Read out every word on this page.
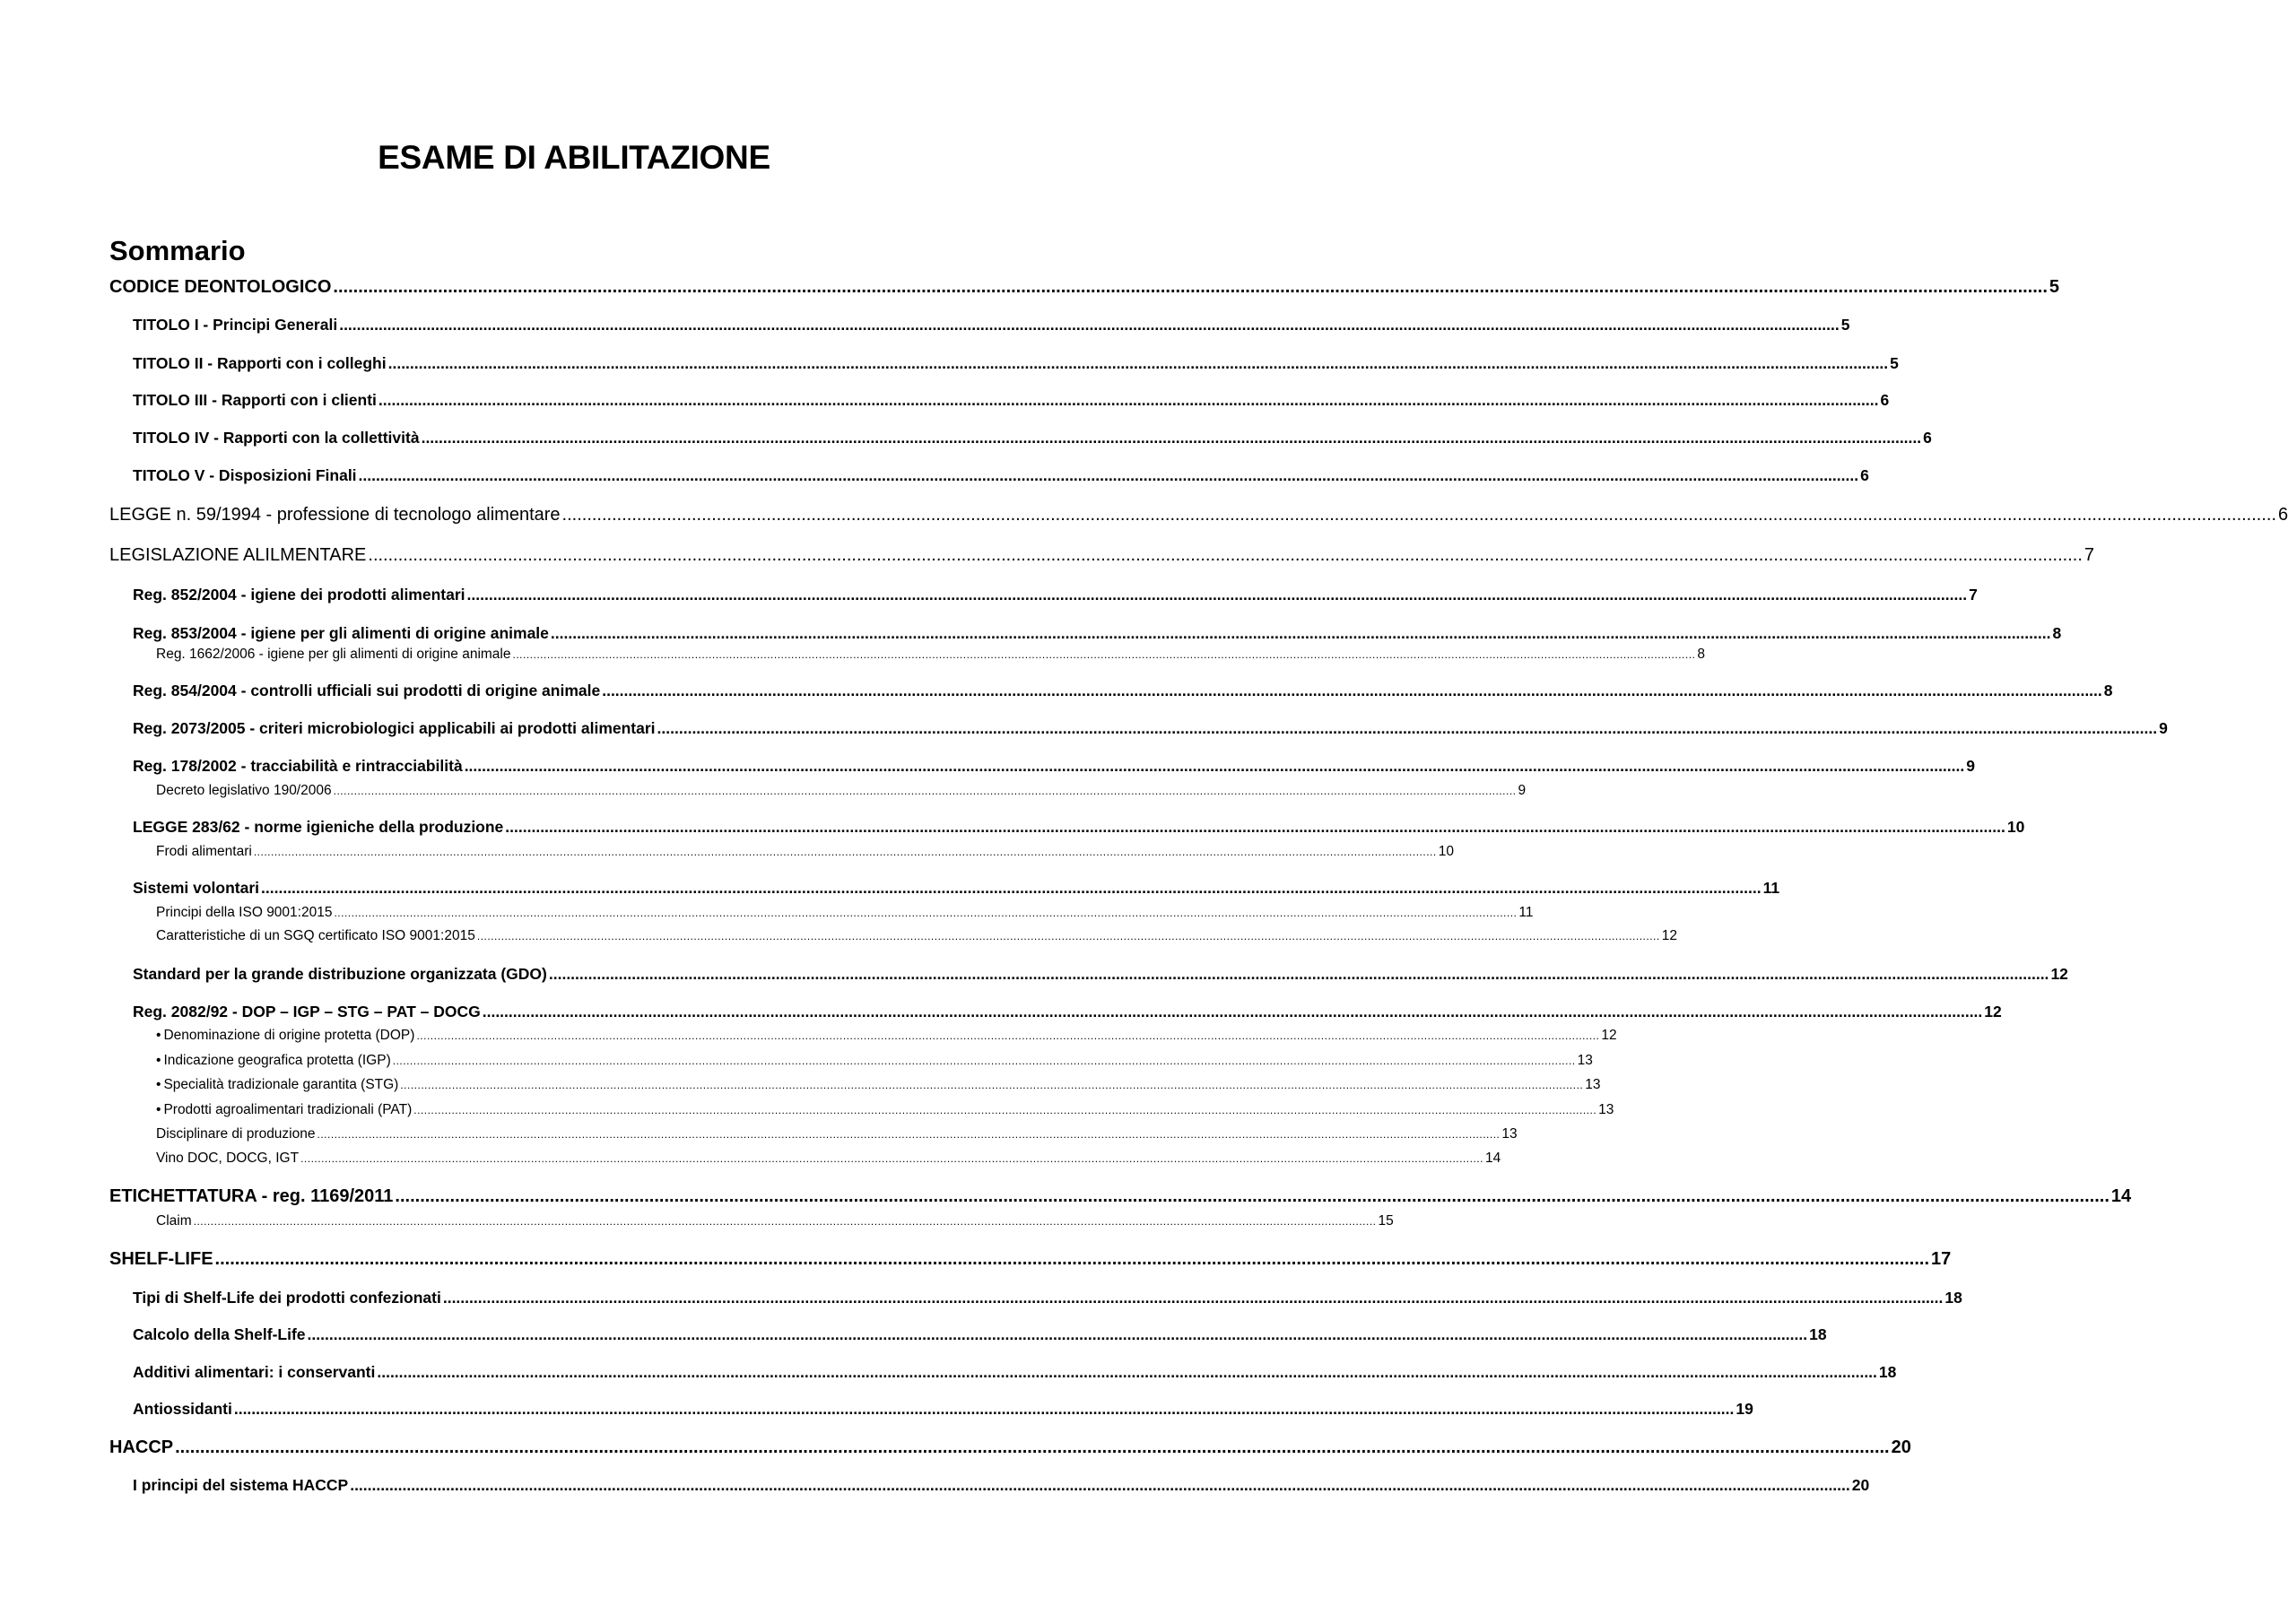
ESAME DI ABILITAZIONE
Sommario
CODICE DEONTOLOGICO ........................................................................................................................................................................................................................................................................................................................................................ 5
TITOLO I - Principi Generali ........................................................................................................................................................................................................................................................................................................................................................ 5
TITOLO II - Rapporti con i colleghi ........................................................................................................................................................................................................................................................................................................................................................ 5
TITOLO III - Rapporti con i clienti ........................................................................................................................................................................................................................................................................................................................................................ 6
TITOLO IV - Rapporti con la collettività ........................................................................................................................................................................................................................................................................................................................................................ 6
TITOLO V - Disposizioni Finali ........................................................................................................................................................................................................................................................................................................................................................ 6
LEGGE n. 59/1994 - professione di tecnologo alimentare ........................................................................................................................................................................................................................................................................................................................................................ 6
LEGISLAZIONE ALILMENTARE ........................................................................................................................................................................................................................................................................................................................................................ 7
Reg. 852/2004 - igiene dei prodotti alimentari ........................................................................................................................................................................................................................................................................................................................................................ 7
Reg. 853/2004 - igiene per gli alimenti di origine animale ........................................................................................................................................................................................................................................................................................................................................................ 8
Reg. 1662/2006 - igiene per gli alimenti di origine animale ........................................................................................................................................................................................................................................................................................................................................................ 8
Reg. 854/2004 - controlli ufficiali sui prodotti di origine animale ........................................................................................................................................................................................................................................................................................................................................................ 8
Reg. 2073/2005 - criteri microbiologici applicabili ai prodotti alimentari ........................................................................................................................................................................................................................................................................................................................................................ 9
Reg. 178/2002 - tracciabilità e rintracciabilità ........................................................................................................................................................................................................................................................................................................................................................ 9
Decreto legislativo 190/2006 ........................................................................................................................................................................................................................................................................................................................................................ 9
LEGGE 283/62 - norme igieniche della produzione ........................................................................................................................................................................................................................................................................................................................................................ 10
Frodi alimentari ........................................................................................................................................................................................................................................................................................................................................................ 10
Sistemi volontari ........................................................................................................................................................................................................................................................................................................................................................ 11
Principi della ISO 9001:2015 ........................................................................................................................................................................................................................................................................................................................................................ 11
Caratteristiche di un SGQ certificato ISO 9001:2015 ........................................................................................................................................................................................................................................................................................................................................................ 12
Standard per la grande distribuzione organizzata (GDO) ........................................................................................................................................................................................................................................................................................................................................................ 12
Reg. 2082/92 - DOP – IGP – STG – PAT – DOCG ........................................................................................................................................................................................................................................................................................................................................................ 12
• Denominazione di origine protetta (DOP) ........................................................................................................................................................................................................................................................................................................................................................ 12
• Indicazione geografica protetta (IGP) ........................................................................................................................................................................................................................................................................................................................................................ 13
• Specialità tradizionale garantita (STG) ........................................................................................................................................................................................................................................................................................................................................................ 13
• Prodotti agroalimentari tradizionali (PAT) ........................................................................................................................................................................................................................................................................................................................................................ 13
Disciplinare di produzione ........................................................................................................................................................................................................................................................................................................................................................ 13
Vino DOC, DOCG, IGT ........................................................................................................................................................................................................................................................................................................................................................ 14
ETICHETTATURA - reg. 1169/2011 ........................................................................................................................................................................................................................................................................................................................................................ 14
Claim ........................................................................................................................................................................................................................................................................................................................................................ 15
SHELF-LIFE ........................................................................................................................................................................................................................................................................................................................................................ 17
Tipi di Shelf-Life dei prodotti confezionati ........................................................................................................................................................................................................................................................................................................................................................ 18
Calcolo della Shelf-Life ........................................................................................................................................................................................................................................................................................................................................................ 18
Additivi alimentari: i conservanti ........................................................................................................................................................................................................................................................................................................................................................ 18
Antiossidanti ........................................................................................................................................................................................................................................................................................................................................................ 19
HACCP ........................................................................................................................................................................................................................................................................................................................................................ 20
I principi del sistema HACCP ........................................................................................................................................................................................................................................................................................................................................................ 20
